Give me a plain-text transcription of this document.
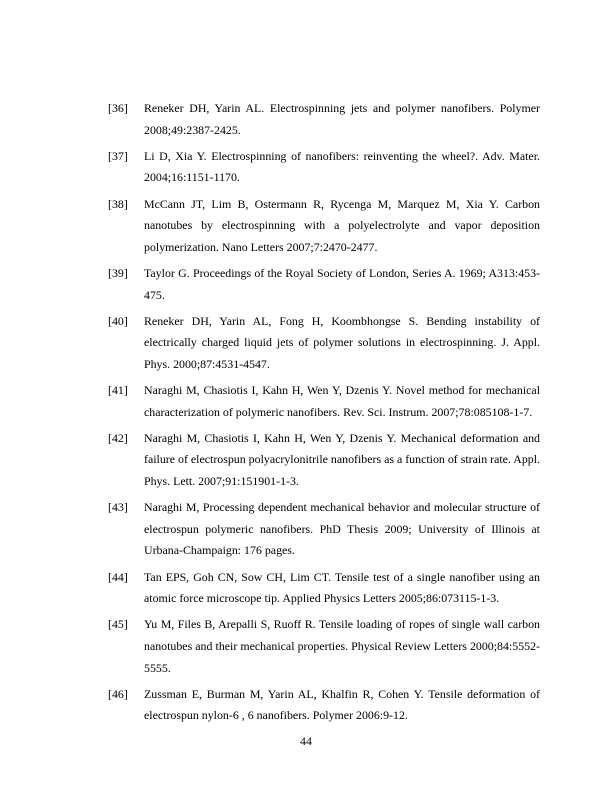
[36]	Reneker DH, Yarin AL. Electrospinning jets and polymer nanofibers. Polymer 2008;49:2387-2425.
[37]	Li D, Xia Y. Electrospinning of nanofibers: reinventing the wheel?. Adv. Mater. 2004;16:1151-1170.
[38]	McCann JT, Lim B, Ostermann R, Rycenga M, Marquez M, Xia Y. Carbon nanotubes by electrospinning with a polyelectrolyte and vapor deposition polymerization. Nano Letters 2007;7:2470-2477.
[39]	Taylor G. Proceedings of the Royal Society of London, Series A. 1969; A313:453-475.
[40]	Reneker DH, Yarin AL, Fong H, Koombhongse S. Bending instability of electrically charged liquid jets of polymer solutions in electrospinning. J. Appl. Phys. 2000;87:4531-4547.
[41]	Naraghi M, Chasiotis I, Kahn H, Wen Y, Dzenis Y. Novel method for mechanical characterization of polymeric nanofibers. Rev. Sci. Instrum. 2007;78:085108-1-7.
[42]	Naraghi M, Chasiotis I, Kahn H, Wen Y, Dzenis Y. Mechanical deformation and failure of electrospun polyacrylonitrile nanofibers as a function of strain rate. Appl. Phys. Lett. 2007;91:151901-1-3.
[43]	Naraghi M, Processing dependent mechanical behavior and molecular structure of electrospun polymeric nanofibers. PhD Thesis 2009; University of Illinois at Urbana-Champaign: 176 pages.
[44]	Tan EPS, Goh CN, Sow CH, Lim CT. Tensile test of a single nanofiber using an atomic force microscope tip. Applied Physics Letters 2005;86:073115-1-3.
[45]	Yu M, Files B, Arepalli S, Ruoff R. Tensile loading of ropes of single wall carbon nanotubes and their mechanical properties. Physical Review Letters 2000;84:5552-5555.
[46]	Zussman E, Burman M, Yarin AL, Khalfin R, Cohen Y. Tensile deformation of electrospun nylon-6 , 6 nanofibers. Polymer 2006:9-12.
44
